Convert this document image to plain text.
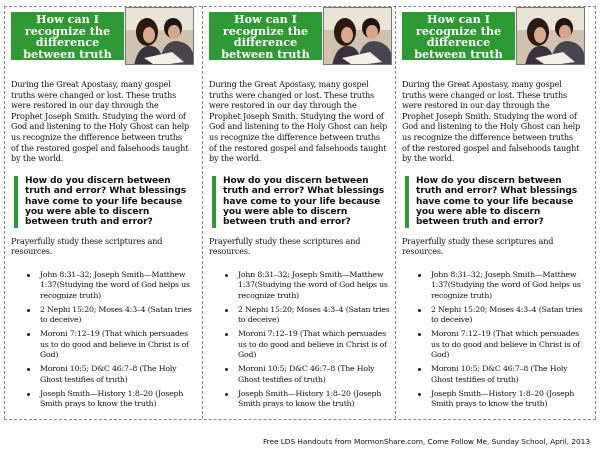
How can I recognize the difference between truth and error?
During the Great Apostasy, many gospel truths were changed or lost. These truths were restored in our day through the Prophet Joseph Smith. Studying the word of God and listening to the Holy Ghost can help us recognize the difference between truths of the restored gospel and falsehoods taught by the world.
How do you discern between truth and error? What blessings have come to your life because you were able to discern between truth and error?
Prayerfully study these scriptures and resources.
John 8:31–32; Joseph Smith—Matthew 1:37(Studying the word of God helps us recognize truth)
2 Nephi 15:20; Moses 4:3–4 (Satan tries to deceive)
Moroni 7:12–19 (That which persuades us to do good and believe in Christ is of God)
Moroni 10:5; D&C 46:7–8 (The Holy Ghost testifies of truth)
Joseph Smith—History 1:8–20 (Joseph Smith prays to know the truth)
How can I recognize the difference between truth and error?
During the Great Apostasy, many gospel truths were changed or lost. These truths were restored in our day through the Prophet Joseph Smith. Studying the word of God and listening to the Holy Ghost can help us recognize the difference between truths of the restored gospel and falsehoods taught by the world.
How do you discern between truth and error? What blessings have come to your life because you were able to discern between truth and error?
Prayerfully study these scriptures and resources.
John 8:31–32; Joseph Smith—Matthew 1:37(Studying the word of God helps us recognize truth)
2 Nephi 15:20; Moses 4:3–4 (Satan tries to deceive)
Moroni 7:12–19 (That which persuades us to do good and believe in Christ is of God)
Moroni 10:5; D&C 46:7–8 (The Holy Ghost testifies of truth)
Joseph Smith—History 1:8–20 (Joseph Smith prays to know the truth)
How can I recognize the difference between truth and error?
During the Great Apostasy, many gospel truths were changed or lost. These truths were restored in our day through the Prophet Joseph Smith. Studying the word of God and listening to the Holy Ghost can help us recognize the difference between truths of the restored gospel and falsehoods taught by the world.
How do you discern between truth and error? What blessings have come to your life because you were able to discern between truth and error?
Prayerfully study these scriptures and resources.
John 8:31–32; Joseph Smith—Matthew 1:37(Studying the word of God helps us recognize truth)
2 Nephi 15:20; Moses 4:3–4 (Satan tries to deceive)
Moroni 7:12–19 (That which persuades us to do good and believe in Christ is of God)
Moroni 10:5; D&C 46:7–8 (The Holy Ghost testifies of truth)
Joseph Smith—History 1:8–20 (Joseph Smith prays to know the truth)
Free LDS Handouts from MormonShare.com, Come Follow Me, Sunday School, April, 2013
